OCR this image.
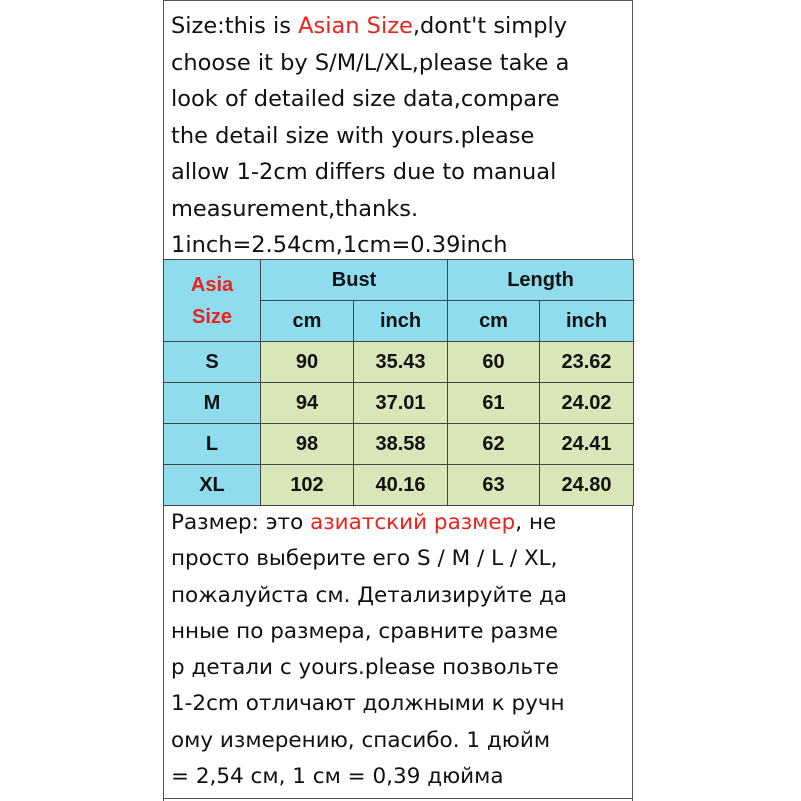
Size:this is Asian Size,dont't simply
choose it by S/M/L/XL,please take a
look of detailed size data,compare
the detail size with yours.please
allow 1-2cm differs due to manual
measurement,thanks.
1inch=2.54cm,1cm=0.39inch
Asia
Size	Bust		Length	
	cm	inch	cm	inch
S	90	35.43	60	23.62
M	94	37.01	61	24.02
L	98	38.58	62	24.41
XL	102	40.16	63	24.80
Размер: это азиатский размер, не
просто выберите его S / M / L / XL,
пожалуйста см. Детализируйте да
нные по размера, сравните разме
р детали с yours.please позвольте
1-2cm отличают должными к ручн
ому измерению, спасибо. 1 дюйм
= 2,54 см, 1 см = 0,39 дюйма
